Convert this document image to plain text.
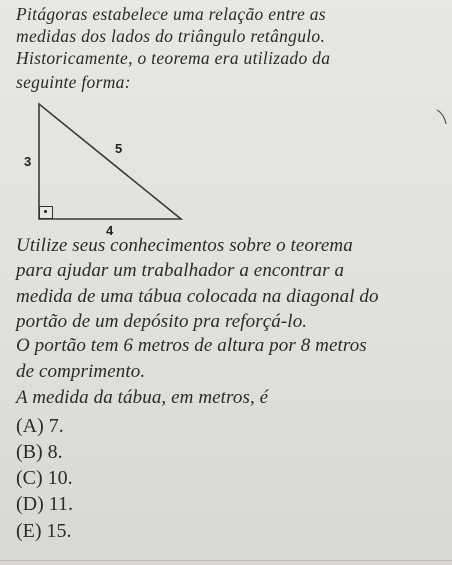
Pitágoras estabelece uma relação entre as
medidas dos lados do triângulo retângulo.
Historicamente, o teorema era utilizado da
seguinte forma:
3
5
4
Utilize seus conhecimentos sobre o teorema
para ajudar um trabalhador a encontrar a
medida de uma tábua colocada na diagonal do
portão de um depósito pra reforçá-lo.
O portão tem 6 metros de altura por 8 metros
de comprimento.
A medida da tábua, em metros, é
(A) 7.
(B) 8.
(C) 10.
(D) 11.
(E) 15.
